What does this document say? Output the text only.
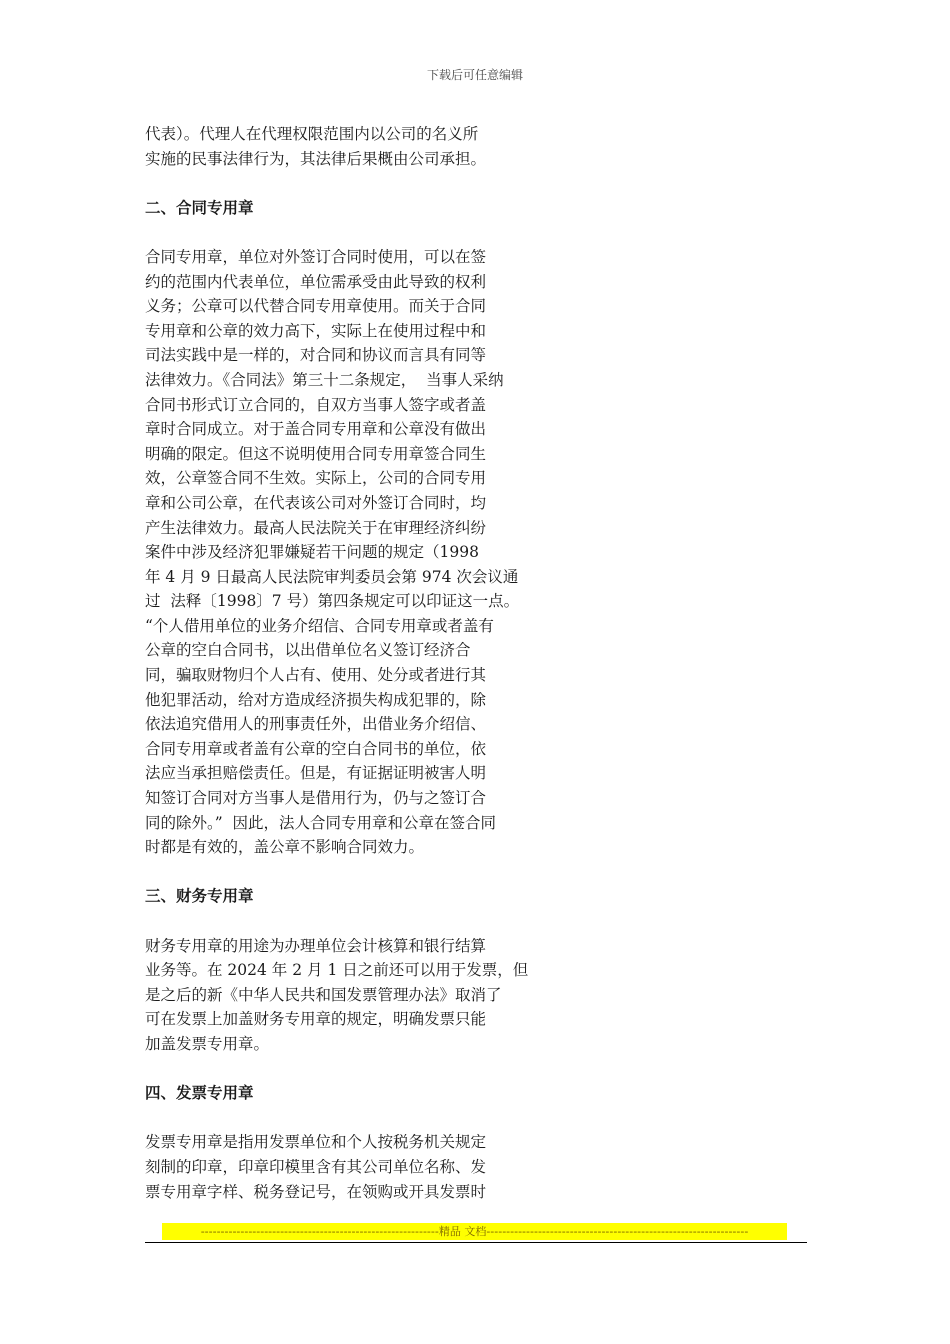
下载后可任意编辑

代表）。代理人在代理权限范围内以公司的名义所
实施的民事法律行为，其法律后果概由公司承担。

二、合同专用章

合同专用章，单位对外签订合同时使用，可以在签
约的范围内代表单位，单位需承受由此导致的权利
义务；公章可以代替合同专用章使用。而关于合同
专用章和公章的效力高下，实际上在使用过程中和
司法实践中是一样的，对合同和协议而言具有同等
法律效力。《合同法》第三十二条规定，  当事人采纳
合同书形式订立合同的，自双方当事人签字或者盖
章时合同成立。对于盖合同专用章和公章没有做出
明确的限定。但这不说明使用合同专用章签合同生
效，公章签合同不生效。实际上，公司的合同专用
章和公司公章，在代表该公司对外签订合同时，均
产生法律效力。最高人民法院关于在审理经济纠纷
案件中涉及经济犯罪嫌疑若干问题的规定（1998
年 4 月 9 日最高人民法院审判委员会第 974 次会议通
过  法释〔1998〕7 号）第四条规定可以印证这一点。
“个人借用单位的业务介绍信、合同专用章或者盖有
公章的空白合同书，以出借单位名义签订经济合
同，骗取财物归个人占有、使用、处分或者进行其
他犯罪活动，给对方造成经济损失构成犯罪的，除
依法追究借用人的刑事责任外，出借业务介绍信、
合同专用章或者盖有公章的空白合同书的单位，依
法应当承担赔偿责任。但是，有证据证明被害人明
知签订合同对方当事人是借用行为，仍与之签订合
同的除外。”  因此，法人合同专用章和公章在签合同
时都是有效的，盖公章不影响合同效力。

三、财务专用章

财务专用章的用途为办理单位会计核算和银行结算
业务等。在 2024 年 2 月 1 日之前还可以用于发票，但
是之后的新《中华人民共和国发票管理办法》取消了
可在发票上加盖财务专用章的规定，明确发票只能
加盖发票专用章。

四、发票专用章

发票专用章是指用发票单位和个人按税务机关规定
刻制的印章，印章印模里含有其公司单位名称、发
票专用章字样、税务登记号，在领购或开具发票时

------------------------------------------------------------精品 文档------------------------------------------------------------------
